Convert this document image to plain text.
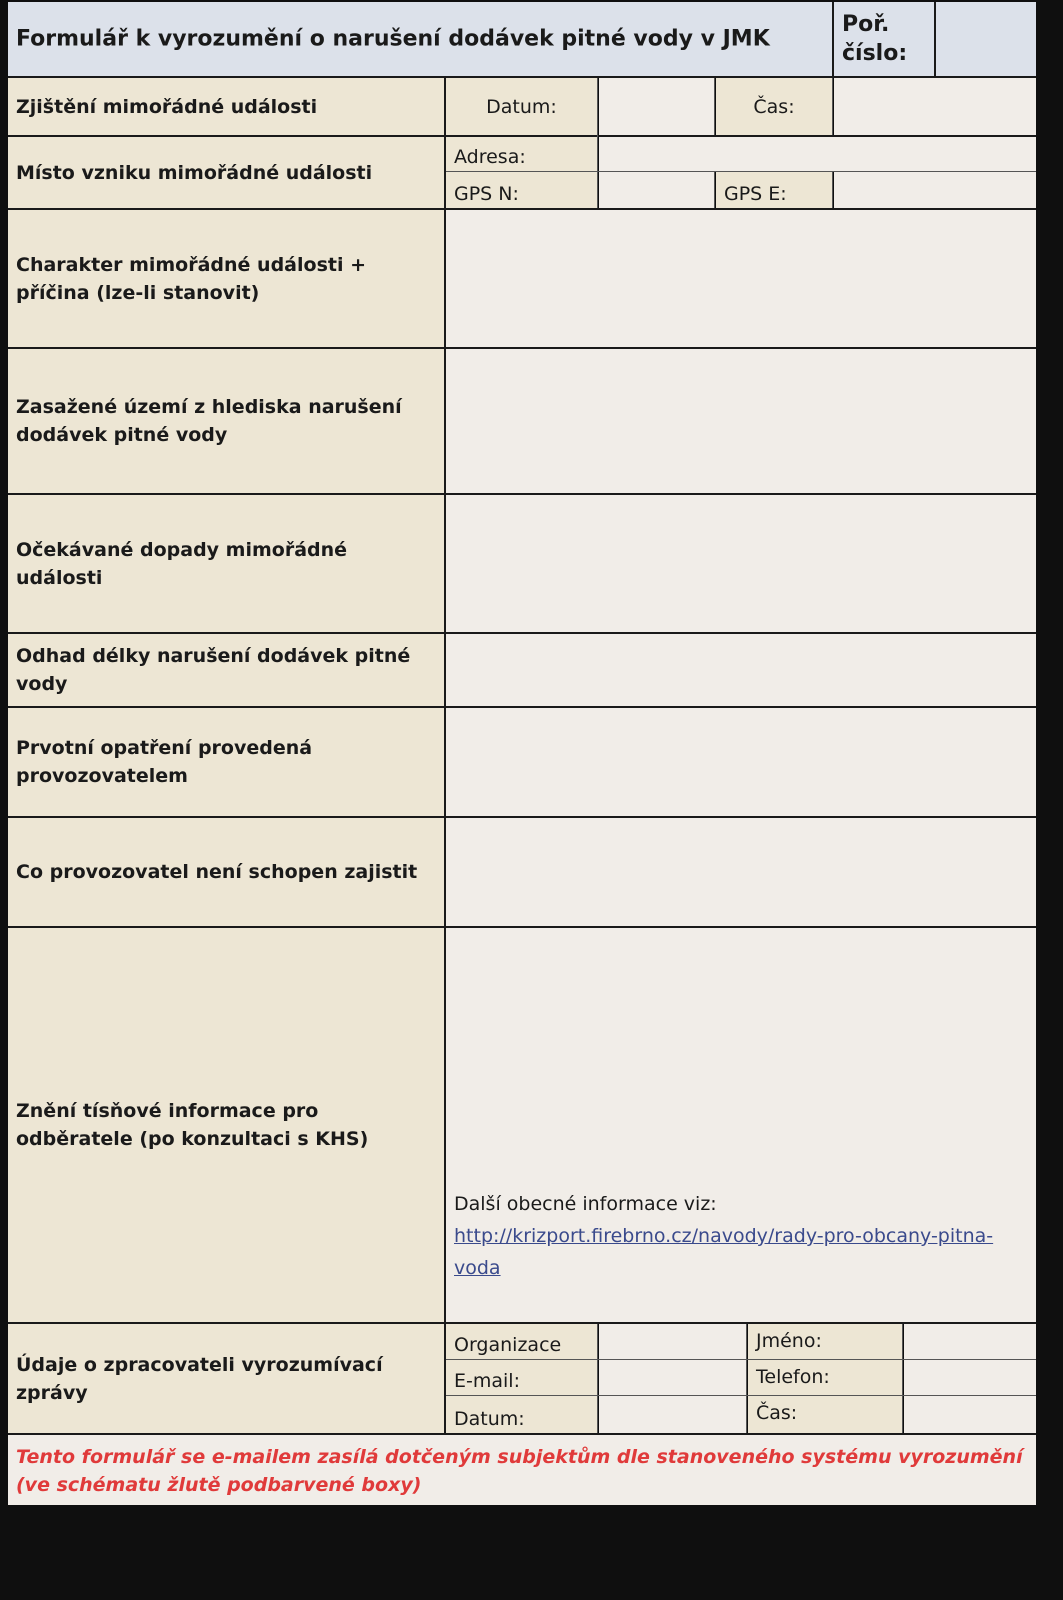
Formulář k vyrozumění o narušení dodávek pitné vody v JMK
Poř.
číslo:
Zjištění mimořádné události	Datum:	Čas:
Místo vzniku mimořádné události
Adresa:
GPS N:	GPS E:
Charakter mimořádné události + příčina (lze-li stanovit)
Zasažené území z hlediska narušení dodávek pitné vody
Očekávané dopady mimořádné události
Odhad délky narušení dodávek pitné vody
Prvotní opatření provedená provozovatelem
Co provozovatel není schopen zajistit
Znění tísňové informace pro odběratele (po konzultaci s KHS)
Další obecné informace viz:
http://krizport.firebrno.cz/navody/rady-pro-obcany-pitna-voda
Údaje o zpracovateli vyrozumívací zprávy
Organizace	Jméno:
E-mail:	Telefon:
Datum:	Čas:
Tento formulář se e-mailem zasílá dotčeným subjektům dle stanoveného systému vyrozumění (ve schématu žlutě podbarvené boxy)
